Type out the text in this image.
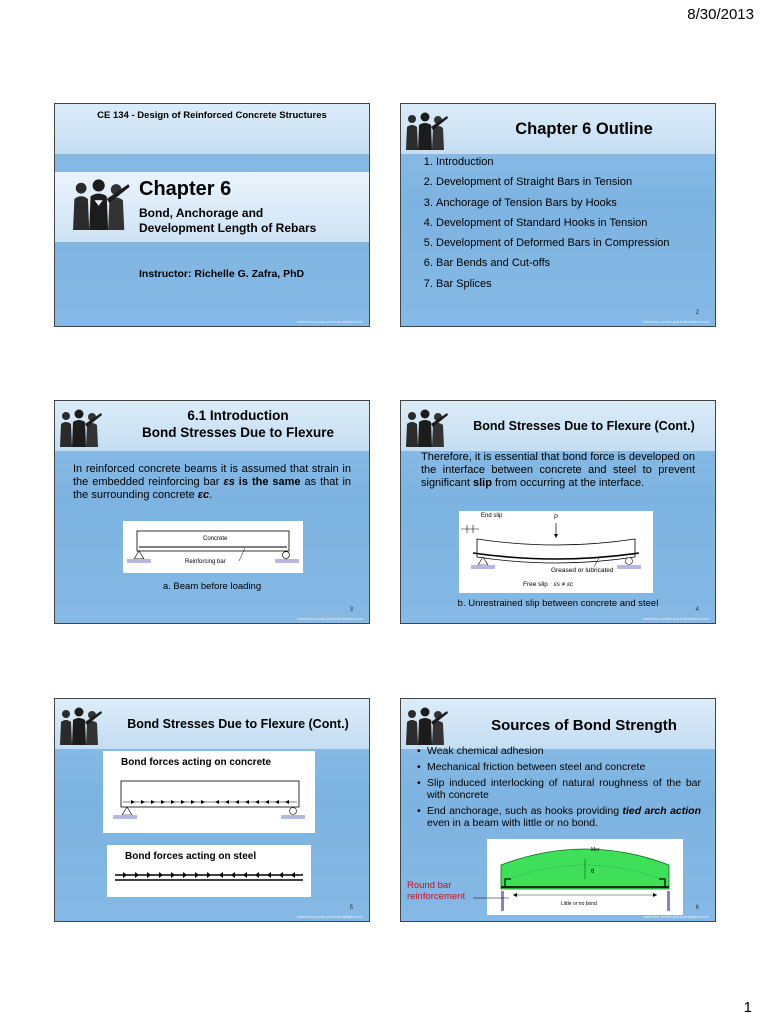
8/30/2013
CE 134 - Design of Reinforced Concrete Structures
Chapter 6
Bond, Anchorage and
Development Length of Rebars
Instructor: Richelle G. Zafra, PhD
www.free-power-point-templates.com
Chapter 6 Outline
1. Introduction
2. Development of Straight Bars in Tension
3. Anchorage of Tension Bars by Hooks
4. Development of Standard Hooks in Tension
5. Development of Deformed Bars in Compression
6. Bar Bends and Cut-offs
7. Bar Splices
2
www.free-power-point-templates.com
6.1 Introduction
Bond Stresses Due to Flexure
In reinforced concrete beams it is assumed that strain in the embedded reinforcing bar εs is the same as that in the surrounding concrete εc.
Concrete
Reinforcing bar
a. Beam before loading
3
www.free-power-point-templates.com
Bond Stresses Due to Flexure (Cont.)
Therefore, it is essential that bond force is developed on the interface between concrete and steel to prevent significant slip from occurring at the interface.
End slip	P
Greased or lubricated
Free slip εs ≠ εc
b. Unrestrained slip between concrete and steel
4
www.free-power-point-templates.com
Bond Stresses Due to Flexure (Cont.)
Bond forces acting on concrete
Bond forces acting on steel
5
www.free-power-point-templates.com
Sources of Bond Strength
• Weak chemical adhesion
• Mechanical friction between steel and concrete
• Slip induced interlocking of natural roughness of the bar with concrete
• End anchorage, such as hooks providing tied arch action even in a beam with little or no bond.
Mcr
θ
Little or no bond
Round bar
reinforcement
6
www.free-power-point-templates.com
1
